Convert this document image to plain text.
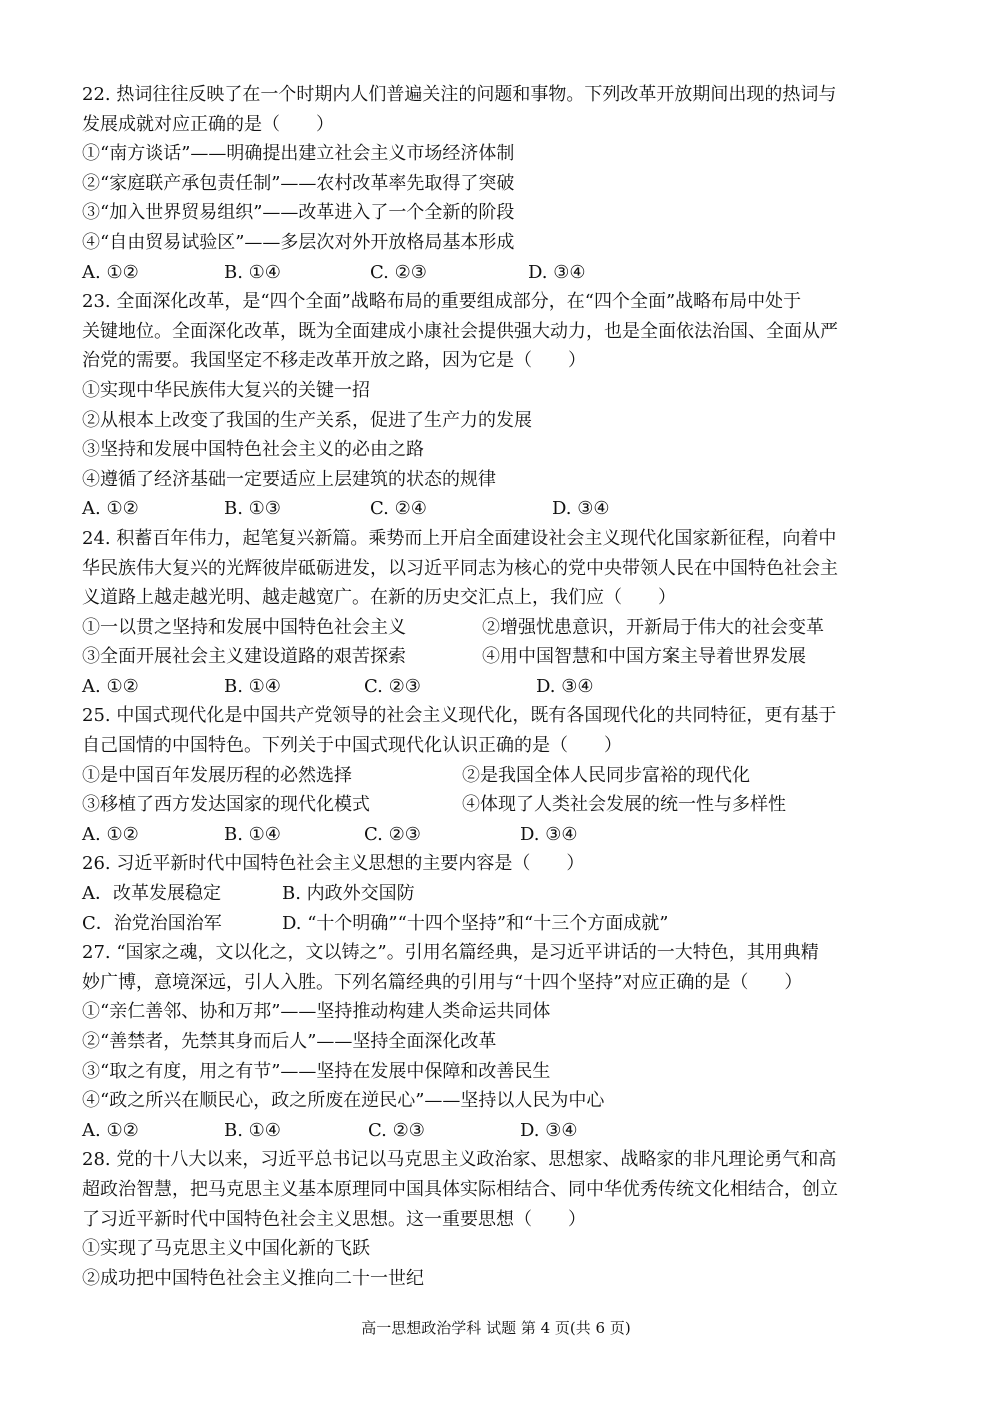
22. 热词往往反映了在一个时期内人们普遍关注的问题和事物。下列改革开放期间出现的热词与
发展成就对应正确的是（　　）
①“南方谈话”——明确提出建立社会主义市场经济体制
②“家庭联产承包责任制”——农村改革率先取得了突破
③“加入世界贸易组织”——改革进入了一个全新的阶段
④“自由贸易试验区”——多层次对外开放格局基本形成
A. ①②	B. ①④	C. ②③	D. ③④
23. 全面深化改革，是“四个全面”战略布局的重要组成部分，在“四个全面”战略布局中处于
关键地位。全面深化改革，既为全面建成小康社会提供强大动力，也是全面依法治国、全面从严
治党的需要。我国坚定不移走改革开放之路，因为它是（　　）
①实现中华民族伟大复兴的关键一招
②从根本上改变了我国的生产关系，促进了生产力的发展
③坚持和发展中国特色社会主义的必由之路
④遵循了经济基础一定要适应上层建筑的状态的规律
A. ①②	B. ①③	C. ②④	D. ③④
24. 积蓄百年伟力，起笔复兴新篇。乘势而上开启全面建设社会主义现代化国家新征程，向着中
华民族伟大复兴的光辉彼岸砥砺进发，以习近平同志为核心的党中央带领人民在中国特色社会主
义道路上越走越光明、越走越宽广。在新的历史交汇点上，我们应（　　）
①一以贯之坚持和发展中国特色社会主义	②增强忧患意识，开新局于伟大的社会变革
③全面开展社会主义建设道路的艰苦探索	④用中国智慧和中国方案主导着世界发展
A. ①②	B. ①④	C. ②③	D. ③④
25. 中国式现代化是中国共产党领导的社会主义现代化，既有各国现代化的共同特征，更有基于
自己国情的中国特色。下列关于中国式现代化认识正确的是（　　）
①是中国百年发展历程的必然选择	②是我国全体人民同步富裕的现代化
③移植了西方发达国家的现代化模式	④体现了人类社会发展的统一性与多样性
A. ①②	B. ①④	C. ②③	D. ③④
26. 习近平新时代中国特色社会主义思想的主要内容是（　　）
A．改革发展稳定	B. 内政外交国防
C．治党治国治军	D. “十个明确”“十四个坚持”和“十三个方面成就”
27. “国家之魂，文以化之，文以铸之”。引用名篇经典，是习近平讲话的一大特色，其用典精
妙广博，意境深远，引人入胜。下列名篇经典的引用与“十四个坚持”对应正确的是（　　）
①“亲仁善邻、协和万邦”——坚持推动构建人类命运共同体
②“善禁者，先禁其身而后人”——坚持全面深化改革
③“取之有度，用之有节”——坚持在发展中保障和改善民生
④“政之所兴在顺民心，政之所废在逆民心”——坚持以人民为中心
A. ①②	B. ①④	C. ②③	D. ③④
28. 党的十八大以来，习近平总书记以马克思主义政治家、思想家、战略家的非凡理论勇气和高
超政治智慧，把马克思主义基本原理同中国具体实际相结合、同中华优秀传统文化相结合，创立
了习近平新时代中国特色社会主义思想。这一重要思想（　　）
①实现了马克思主义中国化新的飞跃
②成功把中国特色社会主义推向二十一世纪
高一思想政治学科 试题 第 4 页(共 6 页)
